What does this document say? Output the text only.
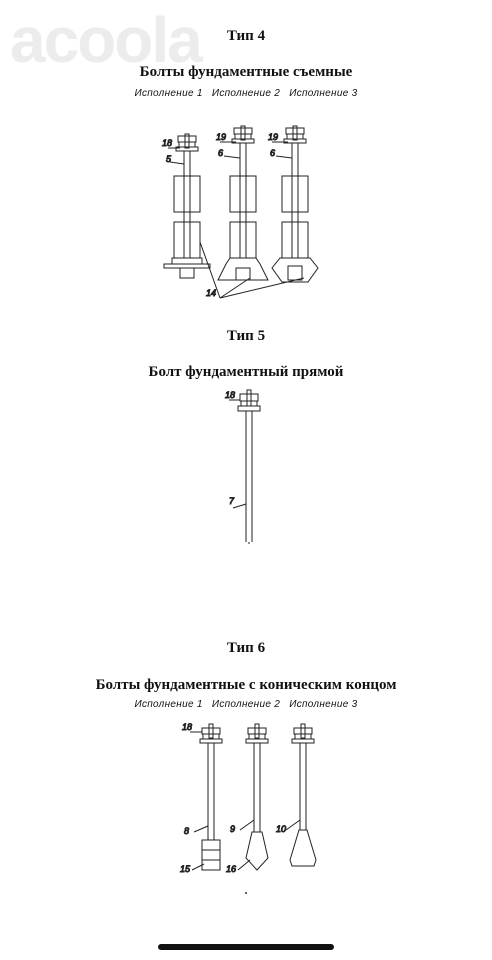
acoola	Тип 4
Болты фундаментные съемные
Исполнение 1 Исполнение 2 Исполнение 3
18
19	19
5
6	6
14
Тип 5
Болт фундаментный прямой
18
7
Тип 6
Болты фундаментные с коническим концом
Исполнение 1 Исполнение 2 Исполнение 3
18
8	9	10
15	16
